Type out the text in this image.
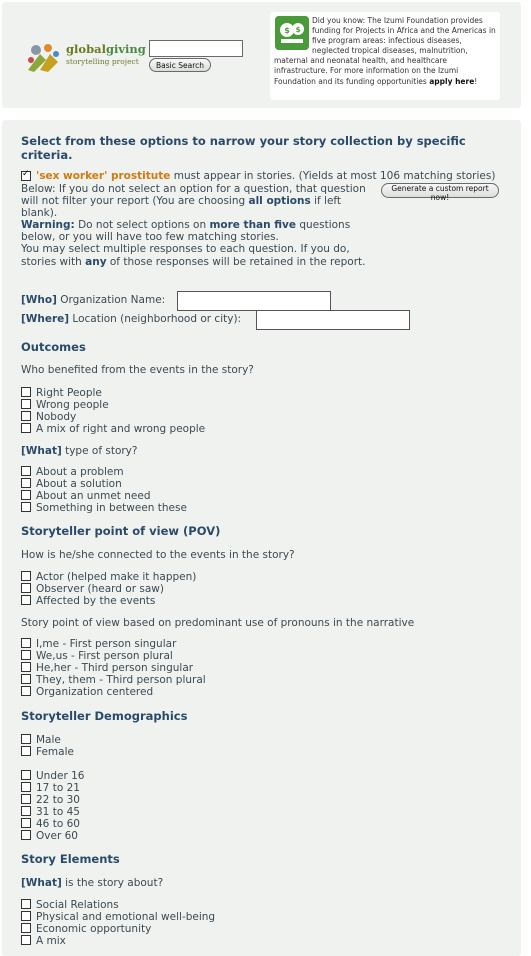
globalgiving
storytelling project	Basic Search
$ $
Did you know: The Izumi Foundation provides funding for Projects in Africa and the Americas in five program areas: infectious diseases, neglected tropical diseases, malnutrition, maternal and neonatal health, and healthcare infrastructure. For more information on the Izumi Foundation and its funding opportunities apply here!
Select from these options to narrow your story collection by specific
criteria.
✓
'sex worker' prostitute must appear in stories. (Yields at most 106 matching stories)
Generate a custom report now!
Below: If you do not select an option for a question, that question will not filter your report (You are choosing all options if left blank).
Warning: Do not select options on more than five questions below, or you will have too few matching stories.
You may select multiple responses to each question. If you do, stories with any of those responses will be retained in the report.
[Who] Organization Name:
[Where] Location (neighborhood or city):
Outcomes
Who benefited from the events in the story?
Right People
Wrong people
Nobody
A mix of right and wrong people
[What] type of story?
About a problem
About a solution
About an unmet need
Something in between these
Storyteller point of view (POV)
How is he/she connected to the events in the story?
Actor (helped make it happen)
Observer (heard or saw)
Affected by the events
Story point of view based on predominant use of pronouns in the narrative
I,me - First person singular
We,us - First person plural
He,her - Third person singular
They, them - Third person plural
Organization centered
Storyteller Demographics
Male
Female
Under 16
17 to 21
22 to 30
31 to 45
46 to 60
Over 60
Story Elements
[What] is the story about?
Social Relations
Physical and emotional well-being
Economic opportunity
A mix
